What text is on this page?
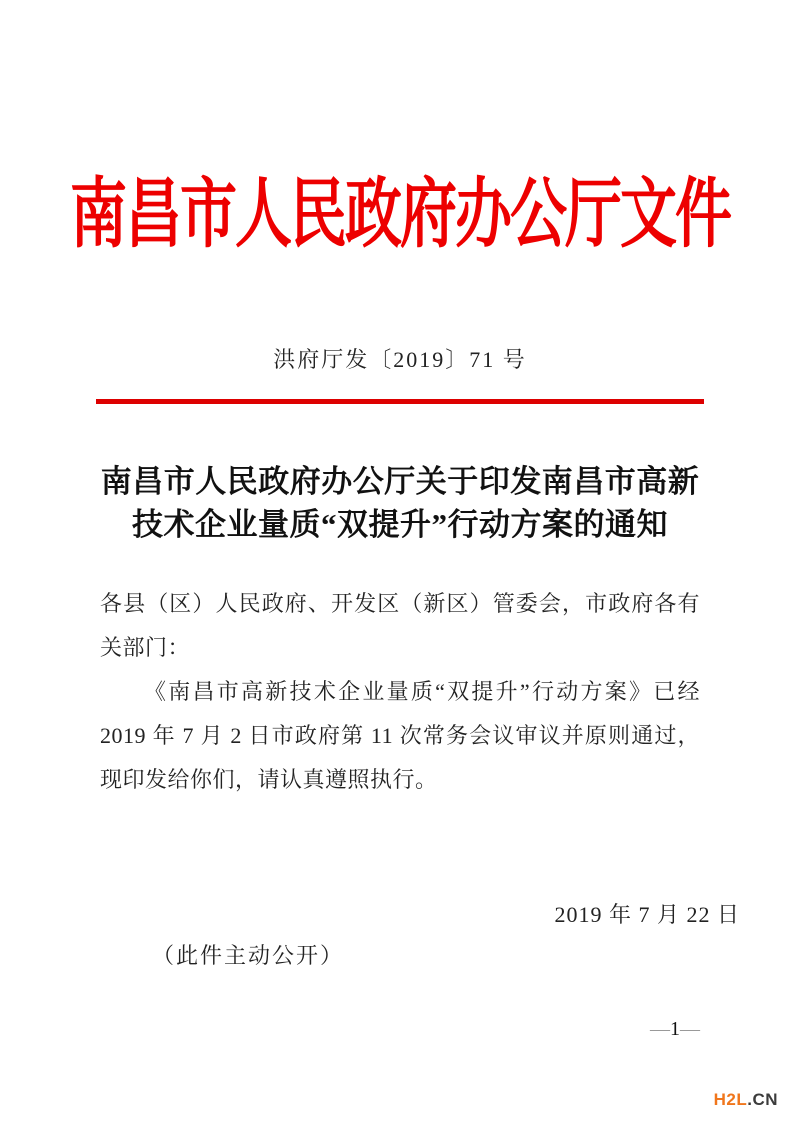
南昌市人民政府办公厅文件
洪府厅发〔2019〕71 号
南昌市人民政府办公厅关于印发南昌市高新
技术企业量质“双提升”行动方案的通知
各县（区）人民政府、开发区（新区）管委会，市政府各有关部门：
《南昌市高新技术企业量质“双提升”行动方案》已经 2019 年 7 月 2 日市政府第 11 次常务会议审议并原则通过，现印发给你们，请认真遵照执行。
2019 年 7 月 22 日
（此件主动公开）
—1—
H2L.CN
